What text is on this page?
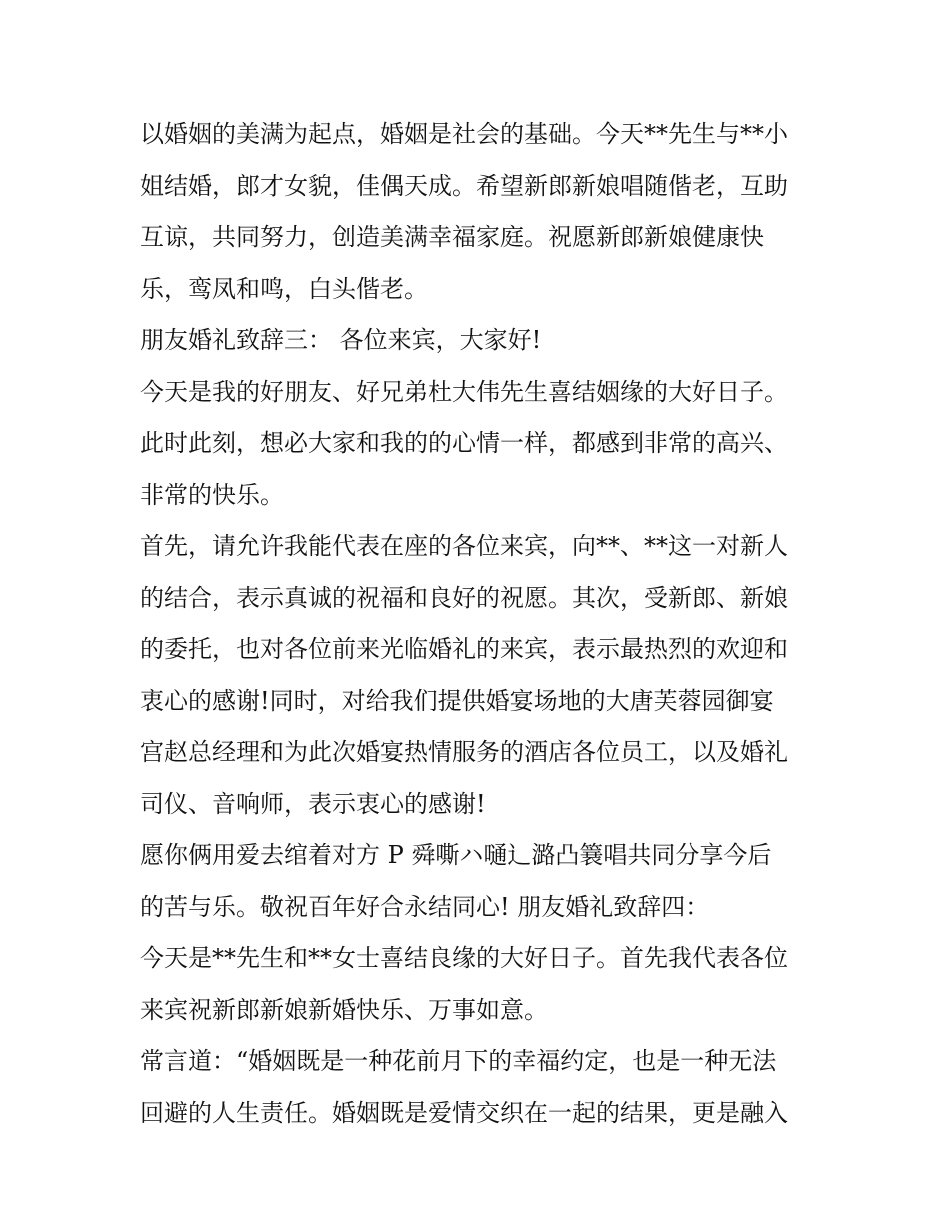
以婚姻的美满为起点，婚姻是社会的基础。今天**先生与**小
姐结婚，郎才女貌，佳偶天成。希望新郎新娘唱随偕老，互助
互谅，共同努力，创造美满幸福家庭。祝愿新郎新娘健康快
乐，鸾凤和鸣，白头偕老。
朋友婚礼致辞三： 各位来宾，大家好!
今天是我的好朋友、好兄弟杜大伟先生喜结姻缘的大好日子。
此时此刻，想必大家和我的的心情一样，都感到非常的高兴、
非常的快乐。
首先，请允许我能代表在座的各位来宾，向**、**这一对新人
的结合，表示真诚的祝福和良好的祝愿。其次，受新郎、新娘
的委托，也对各位前来光临婚礼的来宾，表示最热烈的欢迎和
衷心的感谢!同时，对给我们提供婚宴场地的大唐芙蓉园御宴
宫赵总经理和为此次婚宴热情服务的酒店各位员工，以及婚礼
司仪、音响师，表示衷心的感谢!
愿你俩用爱去绾着对方 P 舜嘶ハ嗵辶潞凸簔唱共同分享今后
的苦与乐。敬祝百年好合永结同心! 朋友婚礼致辞四：
今天是**先生和**女士喜结良缘的大好日子。首先我代表各位
来宾祝新郎新娘新婚快乐、万事如意。
常言道：“婚姻既是一种花前月下的幸福约定，也是一种无法
回避的人生责任。婚姻既是爱情交织在一起的结果，更是融入
